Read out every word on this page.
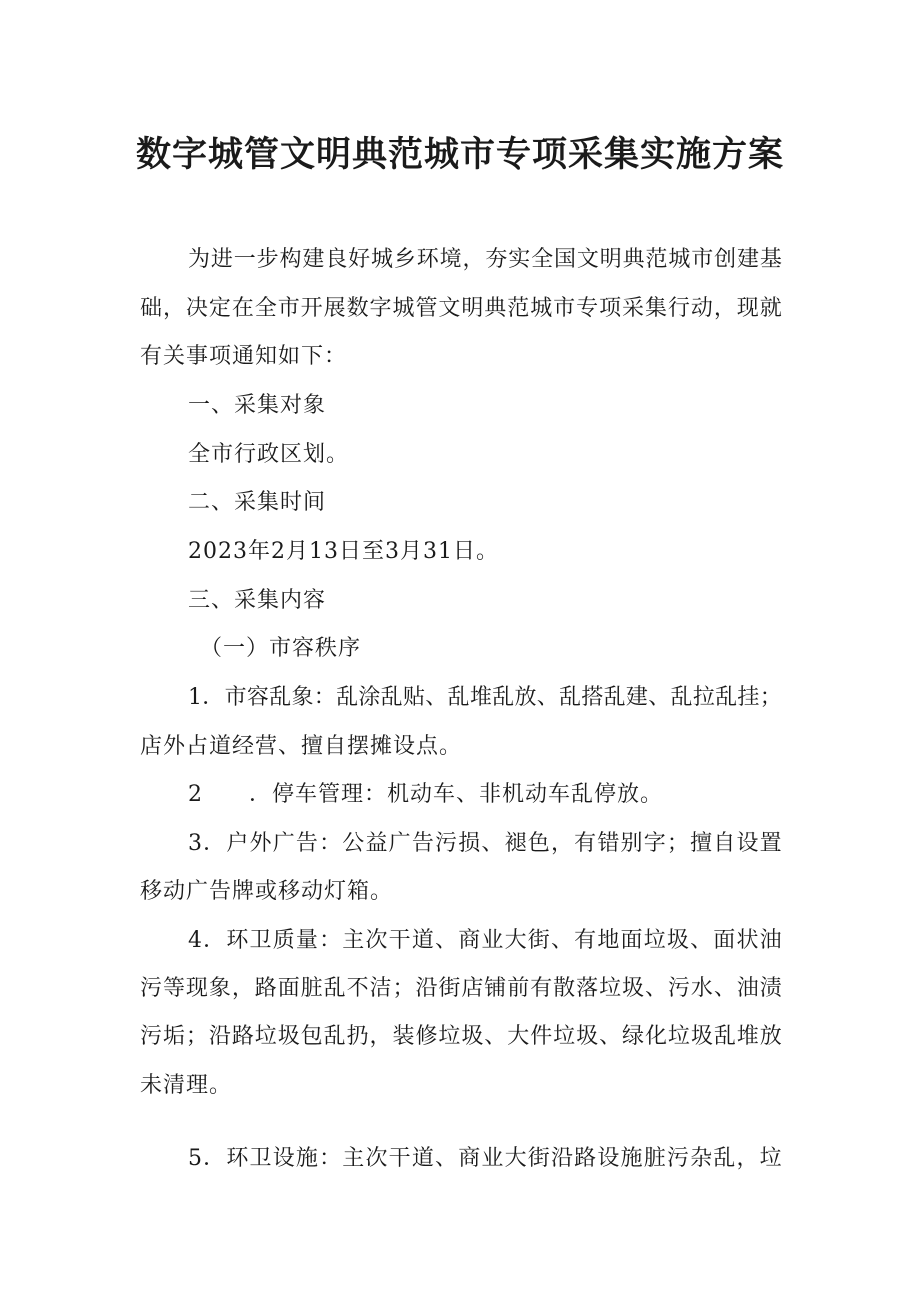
数字城管文明典范城市专项采集实施方案
为 进 一 步 构 建 良 好 城 乡 环 境 ， 夯 实 全 国 文 明 典 范 城 市 创 建 基
础 ， 决 定 在 全 市 开 展 数 字 城 管 文 明 典 范 城 市 专 项 采 集 行 动 ， 现 就
有关事项通知如下：
一、采集对象
全市行政区划。
二、采集时间
2023年2月13日至3月31日。
三、采集内容
（一）市容秩序
1 ． 市 容 乱 象 ： 乱 涂 乱 贴 、 乱 堆 乱 放 、 乱 搭 乱 建 、 乱 拉 乱 挂 ；
店外占道经营、擅自摆摊设点。
2　　．停车管理：机动车、非机动车乱停放。
3 ． 户 外 广 告 ： 公 益 广 告 污 损 、 褪 色 ， 有 错 别 字 ； 擅 自 设 置
移动广告牌或移动灯箱。
4 ． 环 卫 质 量 ： 主 次 干 道 、 商 业 大 街 、 有 地 面 垃 圾 、 面 状 油
污 等 现 象 ， 路 面 脏 乱 不 洁 ； 沿 街 店 铺 前 有 散 落 垃 圾 、 污 水 、 油 渍
污 垢 ； 沿 路 垃 圾 包 乱 扔 ， 装 修 垃 圾 、 大 件 垃 圾 、 绿 化 垃 圾 乱 堆 放
未清理。
5 ． 环 卫 设 施 ： 主 次 干 道 、 商 业 大 街 沿 路 设 施 脏 污 杂 乱 ， 垃
